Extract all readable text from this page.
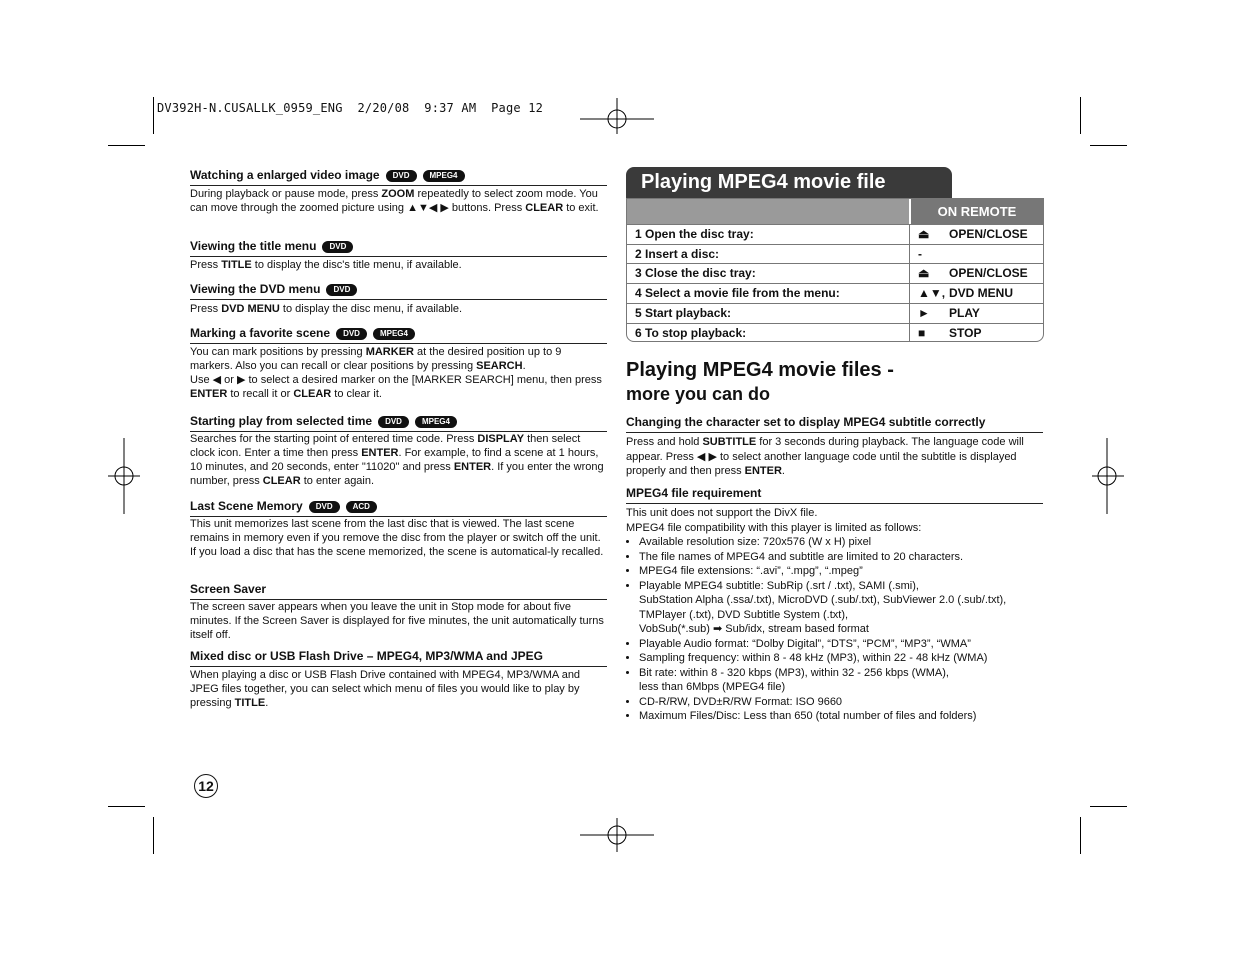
DV392H-N.CUSALLK_0959_ENG  2/20/08  9:37 AM  Page 12
Watching a enlarged video image	DVD	MPEG4
During playback or pause mode, press ZOOM repeatedly to select zoom mode. You can move through the zoomed picture using ▲▼◀ ▶ buttons. Press CLEAR to exit.
Viewing the title menu	DVD
Press TITLE to display the disc's title menu, if available.
Viewing the DVD menu	DVD
Press DVD MENU to display the disc menu, if available.
Marking a favorite scene	DVD	MPEG4
You can mark positions by pressing MARKER at the desired position up to 9 markers. Also you can recall or clear positions by pressing SEARCH.
Use ◀ or ▶ to select a desired marker on the [MARKER SEARCH] menu, then press ENTER to recall it or CLEAR to clear it.
Starting play from selected time	DVD	MPEG4
Searches for the starting point of entered time code. Press DISPLAY then select clock icon. Enter a time then press ENTER. For example, to find a scene at 1 hours, 10 minutes, and 20 seconds, enter "11020" and press ENTER. If you enter the wrong number, press CLEAR to enter again.
Last Scene Memory	DVD	ACD
This unit memorizes last scene from the last disc that is viewed. The last scene remains in memory even if you remove the disc from the player or switch off the unit. If you load a disc that has the scene memorized, the scene is automatical-ly recalled.
Screen Saver
The screen saver appears when you leave the unit in Stop mode for about five minutes. If the Screen Saver is displayed for five minutes, the unit automatically turns itself off.
Mixed disc or USB Flash Drive – MPEG4, MP3/WMA and JPEG
When playing a disc or USB Flash Drive contained with MPEG4, MP3/WMA and JPEG files together, you can select which menu of files you would like to play by pressing TITLE.
Playing MPEG4 movie file
ON REMOTE
1 Open the disc tray:	⏏ OPEN/CLOSE
2 Insert a disc:	-
3 Close the disc tray:	⏏ OPEN/CLOSE
4 Select a movie file from the menu:	▲▼, DVD MENU
5 Start playback:	► PLAY
6 To stop playback:	■ STOP
Playing MPEG4 movie files -
more you can do
Changing the character set to display MPEG4 subtitle correctly
Press and hold SUBTITLE for 3 seconds during playback. The language code will appear. Press ◀ ▶ to select another language code until the subtitle is displayed properly and then press ENTER.
MPEG4 file requirement
This unit does not support the DivX file.
MPEG4 file compatibility with this player is limited as follows:
• Available resolution size: 720x576 (W x H) pixel
• The file names of MPEG4 and subtitle are limited to 20 characters.
• MPEG4 file extensions: “.avi”, “.mpg”, “.mpeg”
• Playable MPEG4 subtitle: SubRip (.srt / .txt), SAMI (.smi),
SubStation Alpha (.ssa/.txt), MicroDVD (.sub/.txt), SubViewer 2.0 (.sub/.txt),
TMPlayer (.txt), DVD Subtitle System (.txt),
VobSub(*.sub) ➡ Sub/idx, stream based format
• Playable Audio format: “Dolby Digital”, “DTS”, “PCM”, “MP3”, “WMA”
• Sampling frequency: within 8 - 48 kHz (MP3), within 22 - 48 kHz (WMA)
• Bit rate: within 8 - 320 kbps (MP3), within 32 - 256 kbps (WMA),
less than 6Mbps (MPEG4 file)
• CD-R/RW, DVD±R/RW Format: ISO 9660
• Maximum Files/Disc: Less than 650 (total number of files and folders)
12
